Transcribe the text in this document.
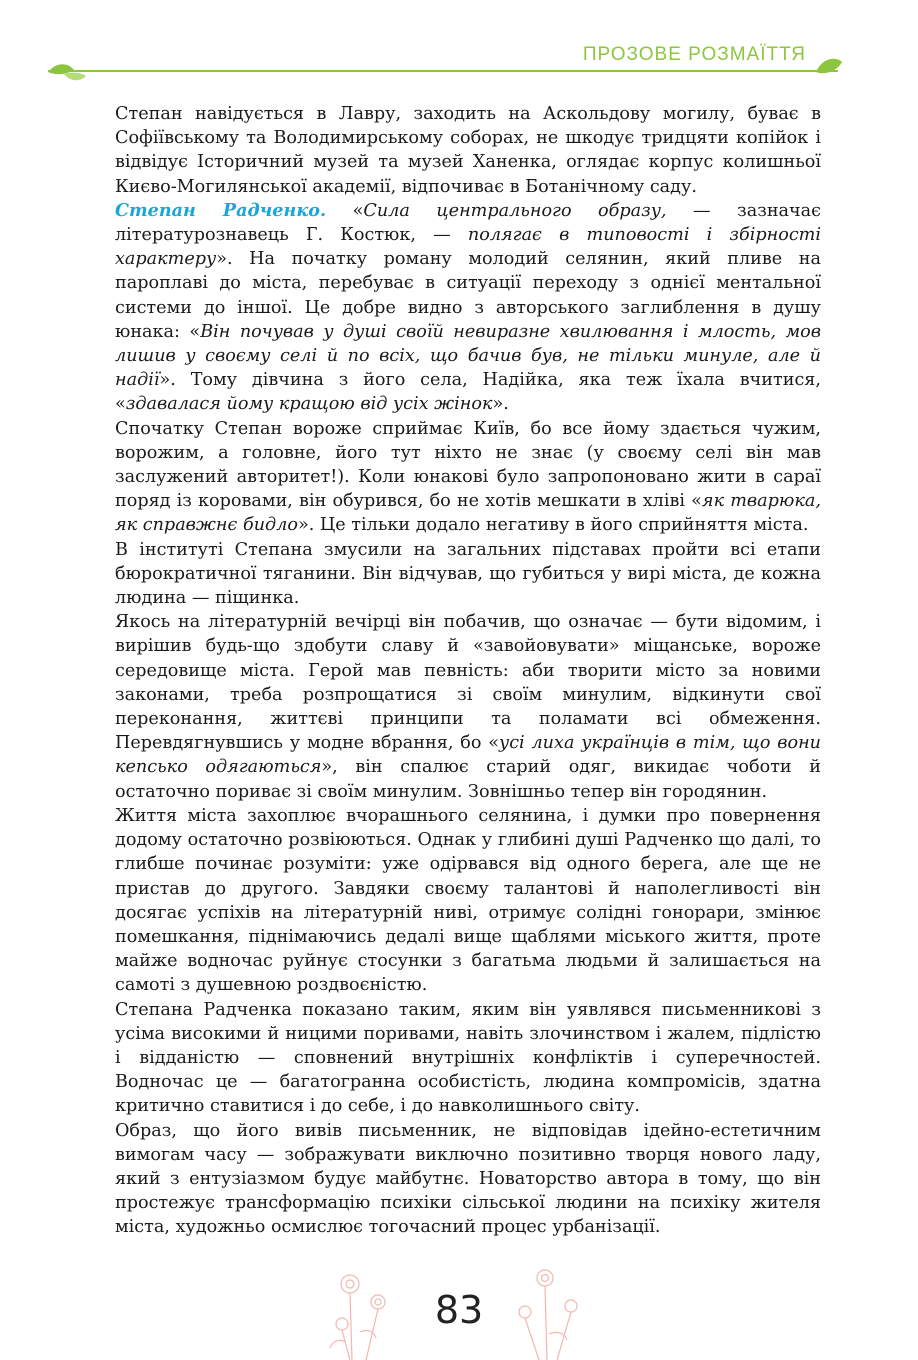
ПРОЗОВЕ РОЗМАЇТТЯ

Степан навідується в Лавру, заходить на Аскольдову могилу, буває в Софіївському та Володимирському соборах, не шкодує тридцяти копійок і відвідує Історичний музей та музей Ханенка, оглядає корпус колишньої Києво-Могилянської академії, відпочиває в Ботанічному саду.

Степан Радченко. «Сила центрального образу, — зазначає літературознавець Г. Костюк, — полягає в типовості і збірності характеру». На початку роману молодий селянин, який пливе на пароплаві до міста, перебуває в ситуації переходу з однієї ментальної системи до іншої. Це добре видно з авторського заглиблення в душу юнака: «Він почував у душі своїй невиразне хвилювання і млость, мов лишив у своєму селі й по всіх, що бачив був, не тільки минуле, але й надії». Тому дівчина з його села, Надійка, яка теж їхала вчитися, «здавалася йому кращою від усіх жінок».

Спочатку Степан вороже сприймає Київ, бо все йому здається чужим, ворожим, а головне, його тут ніхто не знає (у своєму селі він мав заслужений авторитет!). Коли юнакові було запропоновано жити в сараї поряд із коровами, він обурився, бо не хотів мешкати в хліві «як тварюка, як справжнє бидло». Це тільки додало негативу в його сприйняття міста.

В інституті Степана змусили на загальних підставах пройти всі етапи бюрократичної тяганини. Він відчував, що губиться у вирі міста, де кожна людина — піщинка.

Якось на літературній вечірці він побачив, що означає — бути відомим, і вирішив будь-що здобути славу й «завойовувати» міщанське, вороже середовище міста. Герой мав певність: аби творити місто за новими законами, треба розпрощатися зі своїм минулим, відкинути свої переконання, життєві принципи та поламати всі обмеження. Перевдягнувшись у модне вбрання, бо «усі лиха українців в тім, що вони кепсько одягаються», він спалює старий одяг, викидає чоботи й остаточно пориває зі своїм минулим. Зовнішньо тепер він городянин.

Життя міста захоплює вчорашнього селянина, і думки про повернення додому остаточно розвіюються. Однак у глибині душі Радченко що далі, то глибше починає розуміти: уже одірвався від одного берега, але ще не пристав до другого. Завдяки своєму талантові й наполегливості він досягає успіхів на літературній ниві, отримує солідні гонорари, змінює помешкання, піднімаючись дедалі вище щаблями міського життя, проте майже водночас руйнує стосунки з багатьма людьми й залишається на самоті з душевною роздвоєністю.

Степана Радченка показано таким, яким він уявлявся письменникові з усіма високими й ницими поривами, навіть злочинством і жалем, підлістю і відданістю — сповнений внутрішніх конфліктів і суперечностей. Водночас це — багатогранна особистість, людина компромісів, здатна критично ставитися і до себе, і до навколишнього світу.

Образ, що його вивів письменник, не відповідав ідейно-естетичним вимогам часу — зображувати виключно позитивно творця нового ладу, який з ентузіазмом будує майбутнє. Новаторство автора в тому, що він простежує трансформацію психіки сільської людини на психіку жителя міста, художньо осмислює тогочасний процес урбанізації.

83
